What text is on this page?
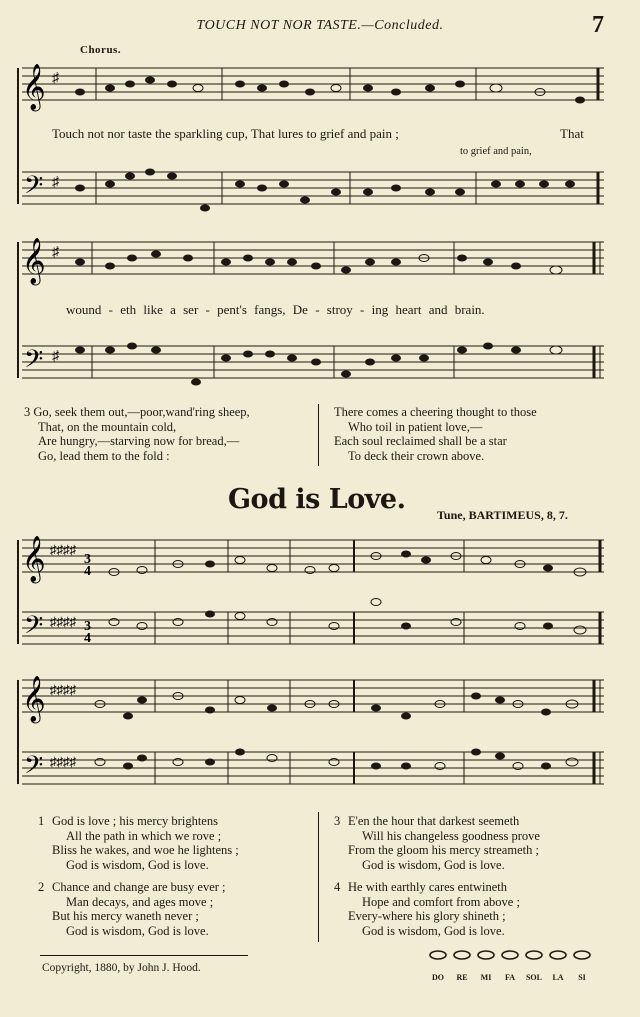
TOUCH NOT NOR TASTE.—Concluded.	7
Chorus.
𝄞
𝄢
♯
♯
Touch not nor taste the sparkling cup, That lures to grief and pain ;	That
to grief and pain,
𝄞
𝄢
♯
♯
wound - eth like a ser - pent's fangs, De - stroy - ing heart and brain.
3 Go, seek them out,—poor,wand'ring sheep,
That, on the mountain cold,
Are hungry,—starving now for bread,—
Go, lead them to the fold :
There comes a cheering thought to those
Who toil in patient love,—
Each soul reclaimed shall be a star
To deck their crown above.
God is Love.	Tune, BARTIMEUS, 8, 7.
𝄞
𝄢
♯♯♯♯
♯♯♯♯
3
4
3
4
𝄞
𝄢
♯♯♯♯
♯♯♯♯
1 God is love ; his mercy brightens
All the path in which we rove ;
Bliss he wakes, and woe he lightens ;
God is wisdom, God is love.
2 Chance and change are busy ever ;
Man decays, and ages move ;
But his mercy waneth never ;
God is wisdom, God is love.
3 E'en the hour that darkest seemeth
Will his changeless goodness prove
From the gloom his mercy streameth ;
God is wisdom, God is love.
4 He with earthly cares entwineth
Hope and comfort from above ;
Every-where his glory shineth ;
God is wisdom, God is love.
Copyright, 1880, by John J. Hood.
DO RE MI FA SOL LA SI
